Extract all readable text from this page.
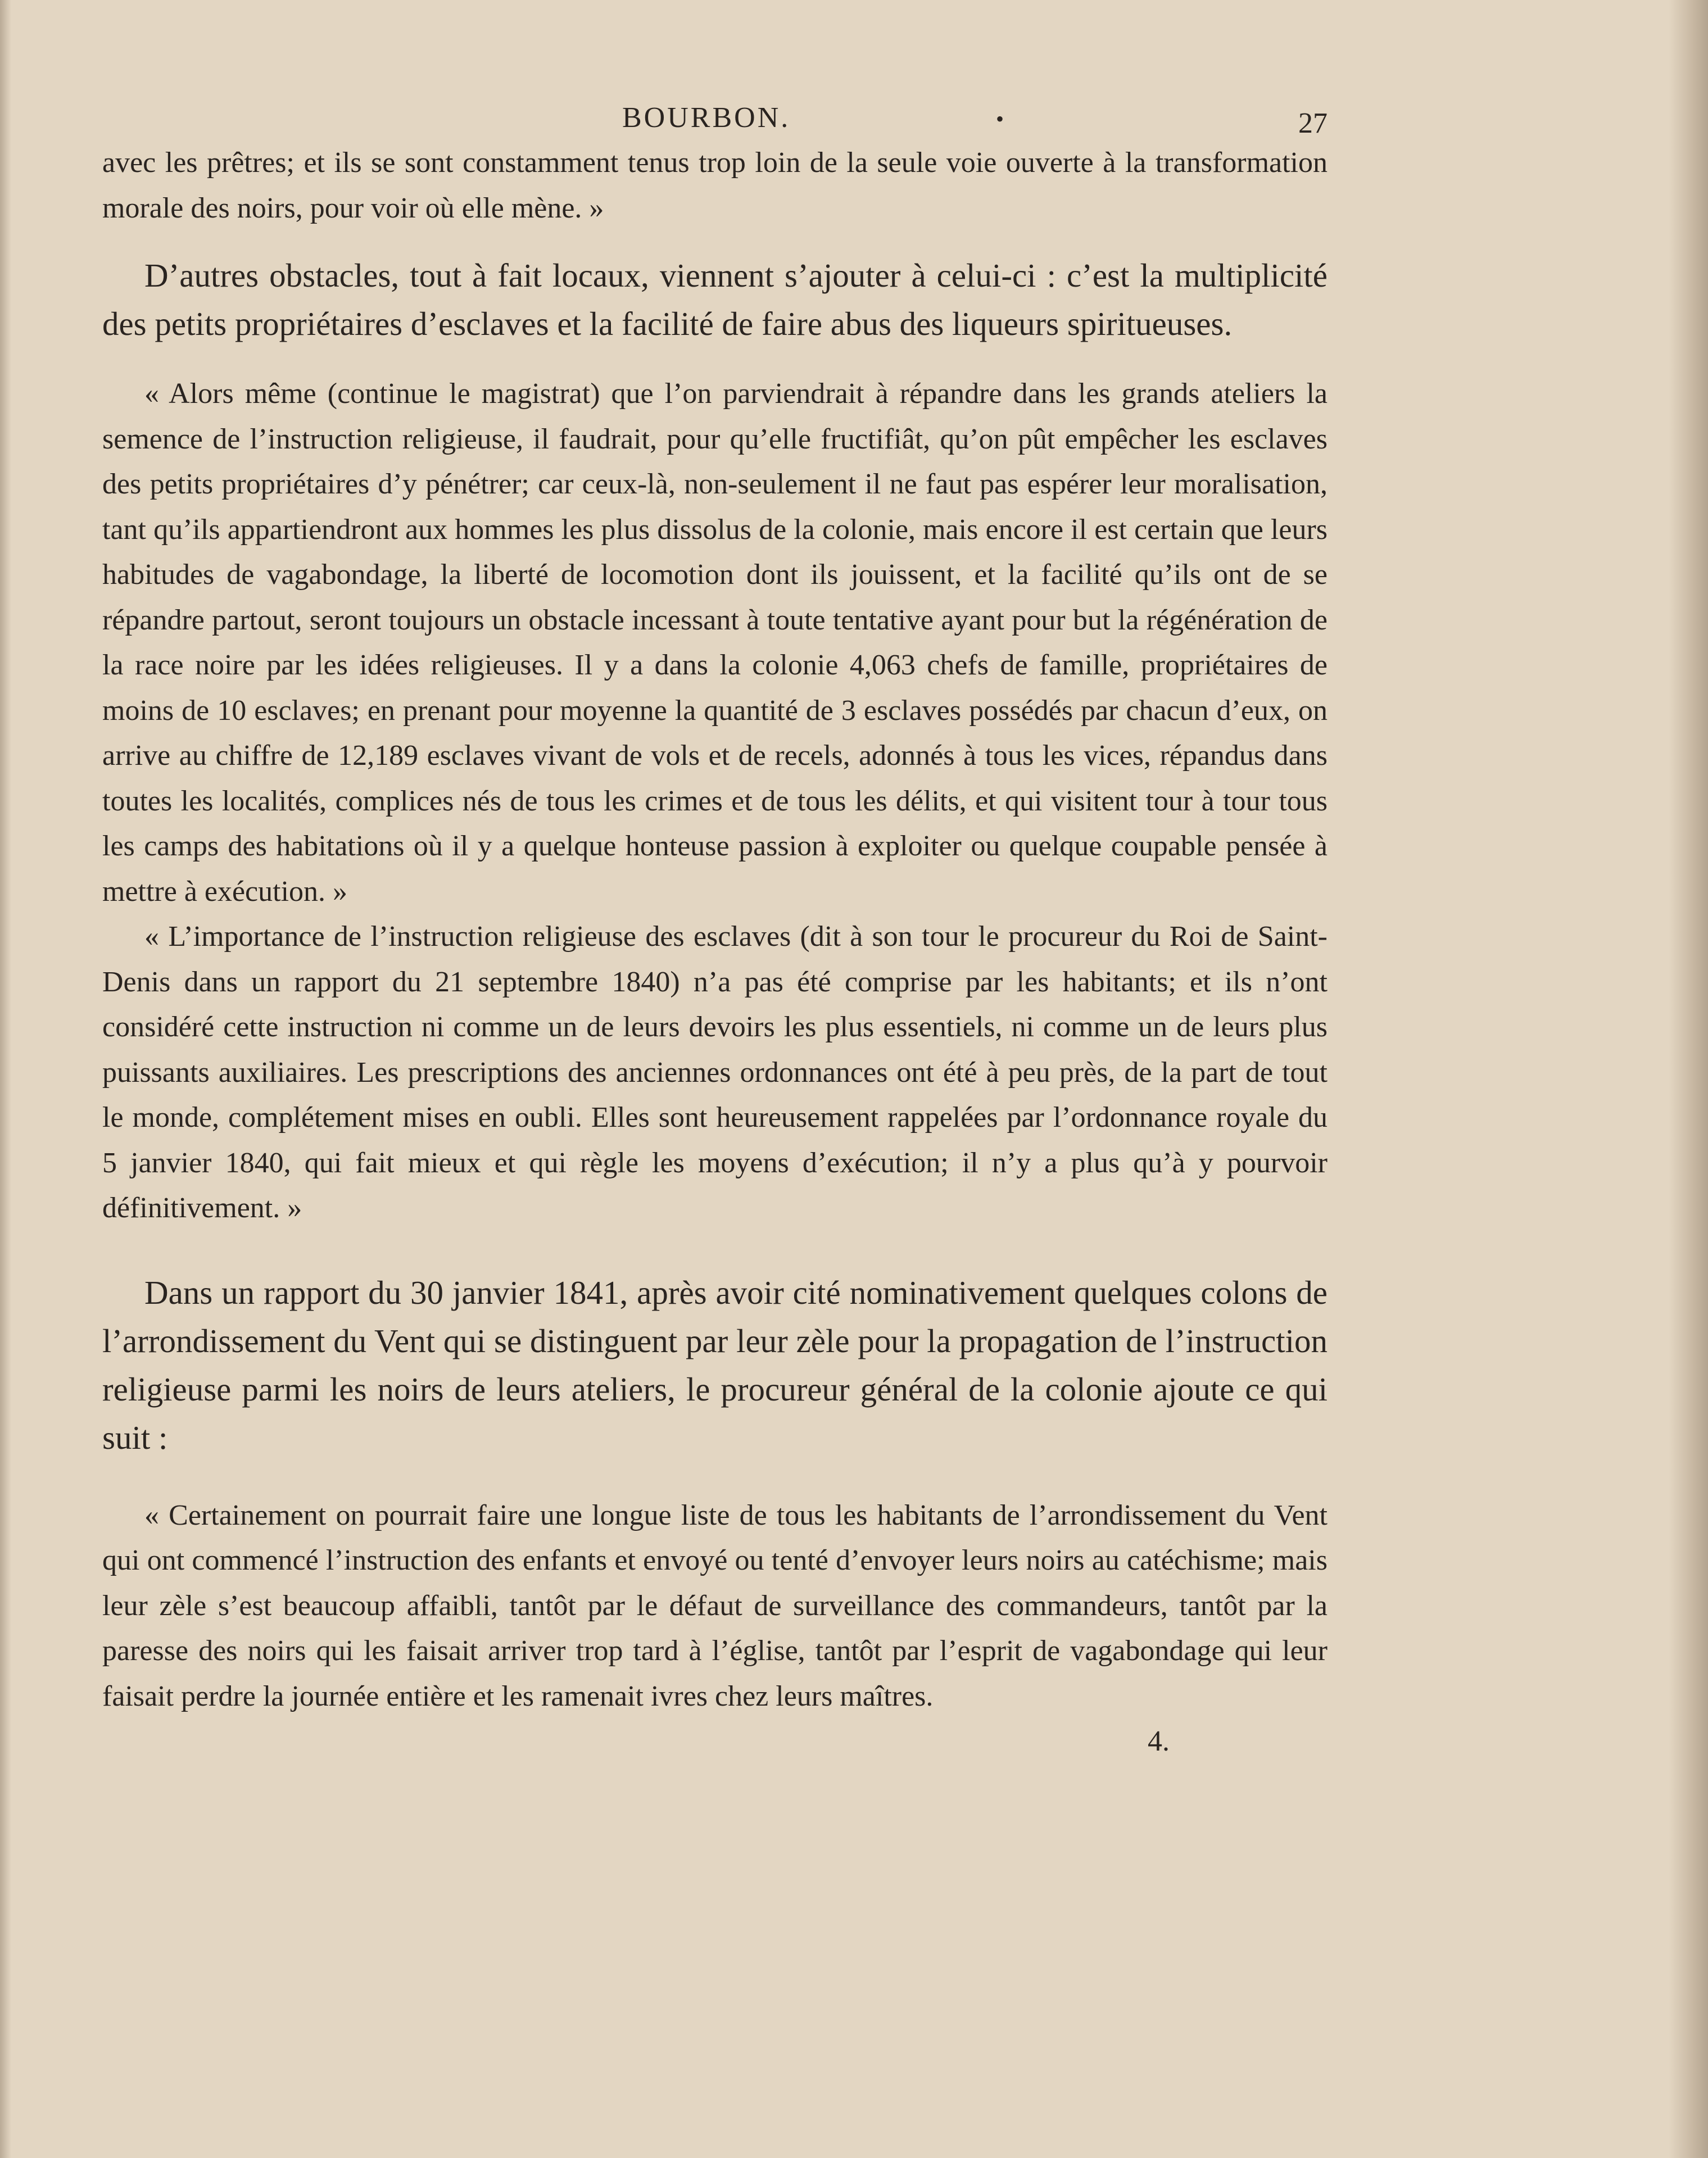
BOURBON.	•	27

avec les prêtres; et ils se sont constamment tenus trop loin de la seule voie ouverte à la transformation morale des noirs, pour voir où elle mène. »

D’autres obstacles, tout à fait locaux, viennent s’ajouter à celui-ci : c’est la multiplicité des petits propriétaires d’esclaves et la facilité de faire abus des liqueurs spiritueuses.

« Alors même (continue le magistrat) que l’on parviendrait à répandre dans les grands ateliers la semence de l’instruction religieuse, il faudrait, pour qu’elle fructifiât, qu’on pût empêcher les esclaves des petits propriétaires d’y pénétrer; car ceux-là, non-seulement il ne faut pas espérer leur moralisation, tant qu’ils appartiendront aux hommes les plus dissolus de la colonie, mais encore il est certain que leurs habitudes de vagabondage, la liberté de locomotion dont ils jouissent, et la facilité qu’ils ont de se répandre partout, seront toujours un obstacle incessant à toute tentative ayant pour but la régénération de la race noire par les idées religieuses. Il y a dans la colonie 4,063 chefs de famille, propriétaires de moins de 10 esclaves; en prenant pour moyenne la quantité de 3 esclaves possédés par chacun d’eux, on arrive au chiffre de 12,189 esclaves vivant de vols et de recels, adonnés à tous les vices, répandus dans toutes les localités, complices nés de tous les crimes et de tous les délits, et qui visitent tour à tour tous les camps des habitations où il y a quelque honteuse passion à exploiter ou quelque coupable pensée à mettre à exécution. »

« L’importance de l’instruction religieuse des esclaves (dit à son tour le procureur du Roi de Saint-Denis dans un rapport du 21 septembre 1840) n’a pas été comprise par les habitants; et ils n’ont considéré cette instruction ni comme un de leurs devoirs les plus essentiels, ni comme un de leurs plus puissants auxiliaires. Les prescriptions des anciennes ordonnances ont été à peu près, de la part de tout le monde, complétement mises en oubli. Elles sont heureusement rappelées par l’ordonnance royale du 5 janvier 1840, qui fait mieux et qui règle les moyens d’exécution; il n’y a plus qu’à y pourvoir définitivement. »

Dans un rapport du 30 janvier 1841, après avoir cité nominativement quelques colons de l’arrondissement du Vent qui se distinguent par leur zèle pour la propagation de l’instruction religieuse parmi les noirs de leurs ateliers, le procureur général de la colonie ajoute ce qui suit :

« Certainement on pourrait faire une longue liste de tous les habitants de l’arrondissement du Vent qui ont commencé l’instruction des enfants et envoyé ou tenté d’envoyer leurs noirs au catéchisme; mais leur zèle s’est beaucoup affaibli, tantôt par le défaut de surveillance des commandeurs, tantôt par la paresse des noirs qui les faisait arriver trop tard à l’église, tantôt par l’esprit de vagabondage qui leur faisait perdre la journée entière et les ramenait ivres chez leurs maîtres.

4.
